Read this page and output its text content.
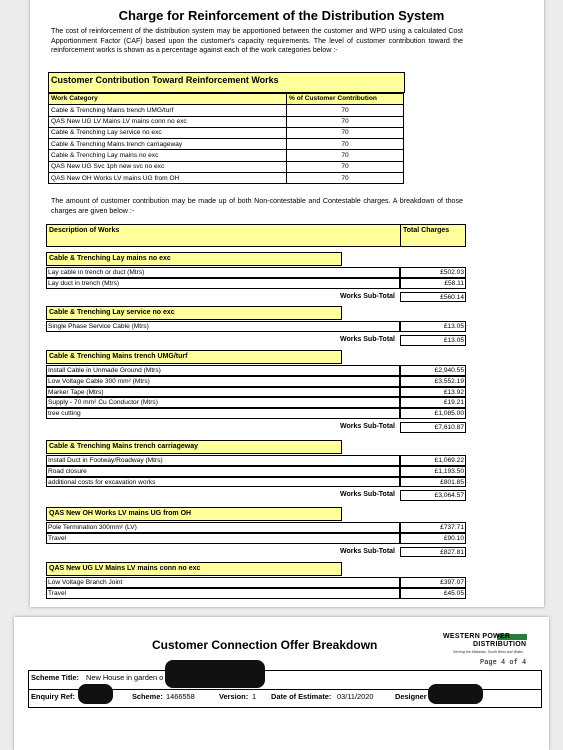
Charge for Reinforcement of the Distribution System
The cost of reinforcement of the distribution system may be apportioned between the customer and WPD using a calculated Cost Apportionment Factor (CAF) based upon the customer's capacity requirements. The level of customer contribution toward the reinforcement works is shown as a percentage against each of the work categories below :-
Customer Contribution Toward Reinforcement Works
Work Category	% of Customer Contribution
Cable & Trenching Mains trench UMG/turf	70
QAS New UG LV Mains LV mains conn no exc	70
Cable & Trenching Lay service no exc	70
Cable & Trenching Mains trench carriageway	70
Cable & Trenching Lay mains no exc	70
QAS New UG Svc 1ph new svc no exc	70
QAS New OH Works LV mains UG from OH	70
The amount of customer contribution may be made up of both Non-contestable and Contestable charges. A breakdown of those charges are given below :-
Description of Works	Total Charges
Cable & Trenching Lay mains no exc
Lay cable in trench or duct (Mtrs)	£502.03
Lay duct in trench (Mtrs)	£58.11
Works Sub-Total	£560.14
Cable & Trenching Lay service no exc
Single Phase Service Cable (Mtrs)	£13.05
Works Sub-Total	£13.05
Cable & Trenching Mains trench UMG/turf
Install Cable in Unmade Ground (Mtrs)	£2,940.55
Low Voltage Cable 300 mm² (Mtrs)	£3,552.19
Marker Tape (Mtrs)	£13.92
Supply - 70 mm² Cu Conductor (Mtrs)	£19.21
tree cutting	£1,085.00
Works Sub-Total	£7,610.87
Cable & Trenching Mains trench carriageway
Install Duct in Footway/Roadway (Mtrs)	£1,069.22
Road closure	£1,193.50
additional costs for excavation works	£801.85
Works Sub-Total	£3,064.57
QAS New OH Works LV mains UG from OH
Pole Termination 300mm² (LV)	£737.71
Travel	£90.10
Works Sub-Total	£827.81
QAS New UG LV Mains LV mains conn no exc
Low Voltage Branch Joint	£397.07
Travel	£45.05
Customer Connection Offer Breakdown
WESTERN POWER
DISTRIBUTION
Serving the Midlands, South West and Wales
Page 4 of 4
Scheme Title: New House in garden o
Enquiry Ref:	Scheme: 1466558	Version: 1 Date of Estimate: 03/11/2020	Designer
